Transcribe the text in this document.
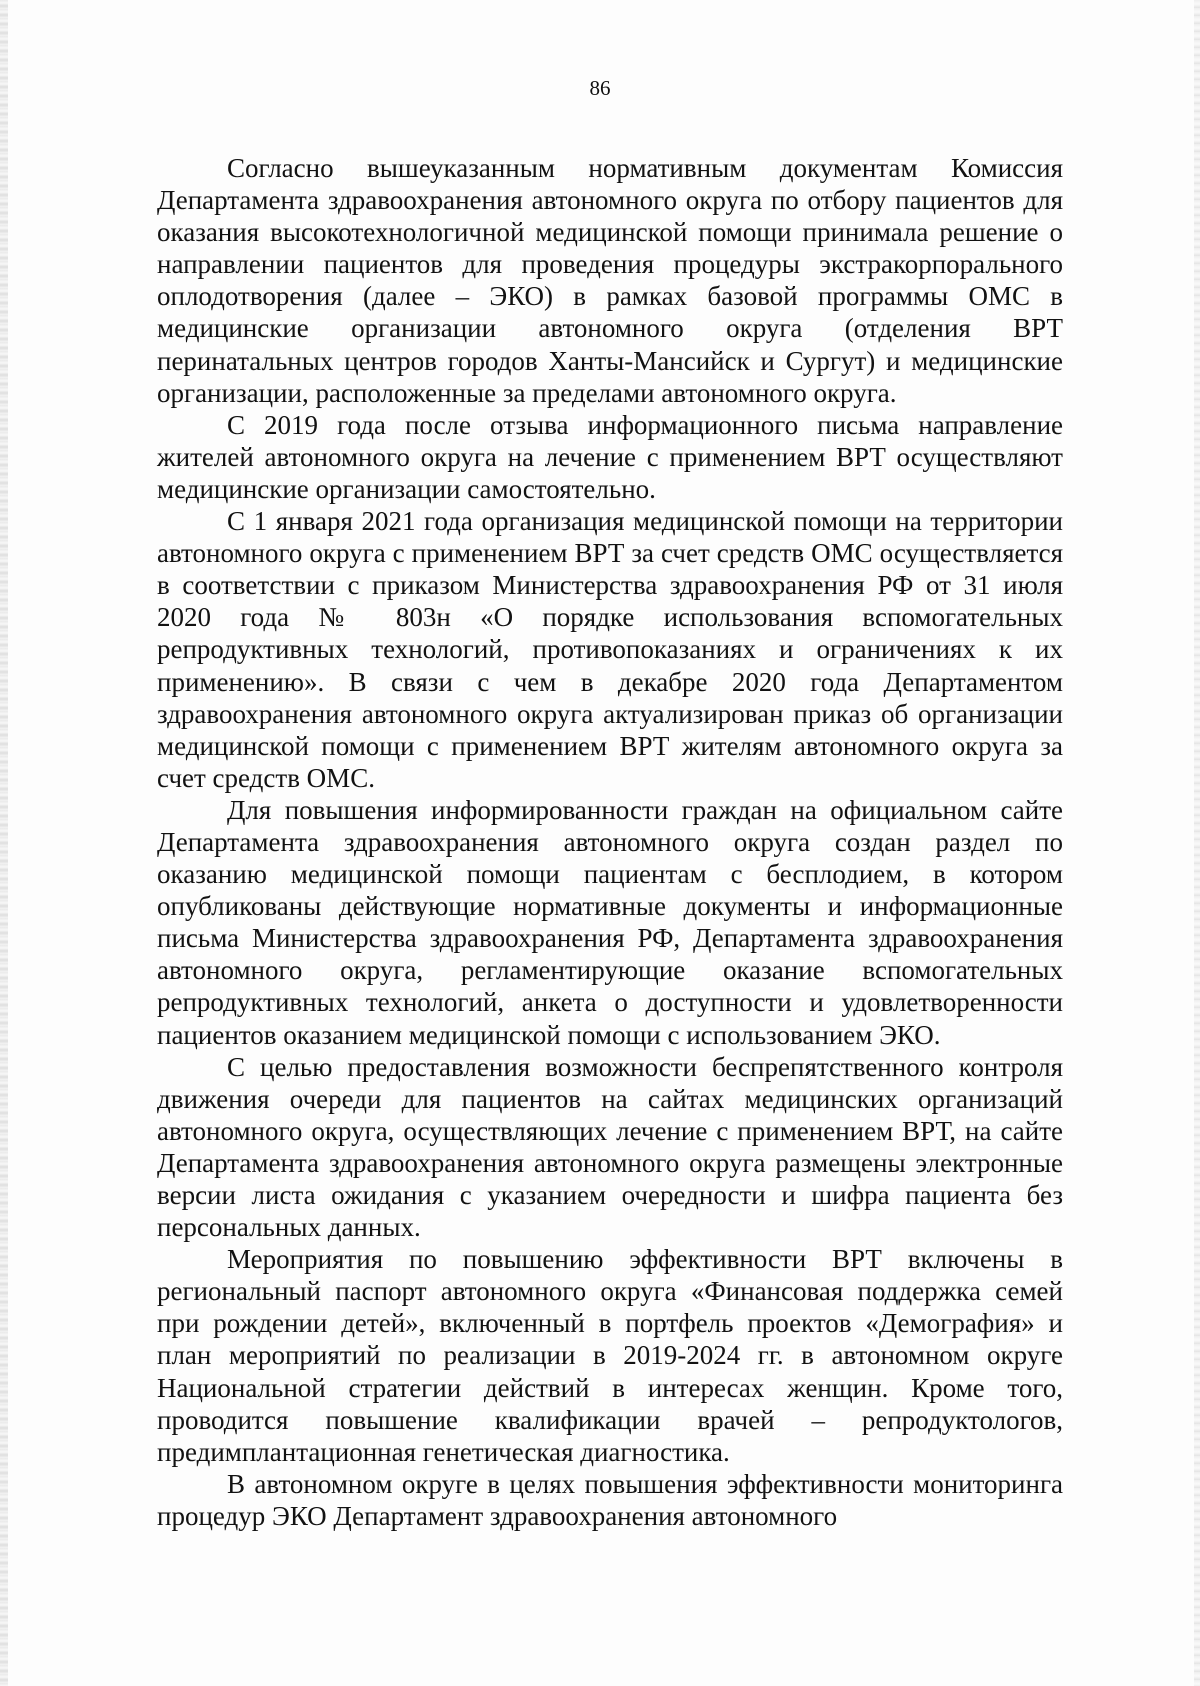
86

Согласно вышеуказанным нормативным документам Комиссия Департамента здравоохранения автономного округа по отбору пациентов для оказания высокотехнологичной медицинской помощи принимала решение о направлении пациентов для проведения процедуры экстракорпорального оплодотворения (далее – ЭКО) в рамках базовой программы ОМС в медицинские организации автономного округа (отделения ВРТ перинатальных центров городов Ханты-Мансийск и Сургут) и медицинские организации, расположенные за пределами автономного округа.

С 2019 года после отзыва информационного письма направление жителей автономного округа на лечение с применением ВРТ осуществляют медицинские организации самостоятельно.

С 1 января 2021 года организация медицинской помощи на территории автономного округа с применением ВРТ за счет средств ОМС осуществляется в соответствии с приказом Министерства здравоохранения РФ от 31 июля 2020 года № 803н «О порядке использования вспомогательных репродуктивных технологий, противопоказаниях и ограничениях к их применению». В связи с чем в декабре 2020 года Департаментом здравоохранения автономного округа актуализирован приказ об организации медицинской помощи с применением ВРТ жителям автономного округа за счет средств ОМС.

Для повышения информированности граждан на официальном сайте Департамента здравоохранения автономного округа создан раздел по оказанию медицинской помощи пациентам с бесплодием, в котором опубликованы действующие нормативные документы и информационные письма Министерства здравоохранения РФ, Департамента здравоохранения автономного округа, регламентирующие оказание вспомогательных репродуктивных технологий, анкета о доступности и удовлетворенности пациентов оказанием медицинской помощи с использованием ЭКО.

С целью предоставления возможности беспрепятственного контроля движения очереди для пациентов на сайтах медицинских организаций автономного округа, осуществляющих лечение с применением ВРТ, на сайте Департамента здравоохранения автономного округа размещены электронные версии листа ожидания с указанием очередности и шифра пациента без персональных данных.

Мероприятия по повышению эффективности ВРТ включены в региональный паспорт автономного округа «Финансовая поддержка семей при рождении детей», включенный в портфель проектов «Демография» и план мероприятий по реализации в 2019-2024 гг. в автономном округе Национальной стратегии действий в интересах женщин. Кроме того, проводится повышение квалификации врачей – репродуктологов, предимплантационная генетическая диагностика.

В автономном округе в целях повышения эффективности мониторинга процедур ЭКО Департамент здравоохранения автономного
